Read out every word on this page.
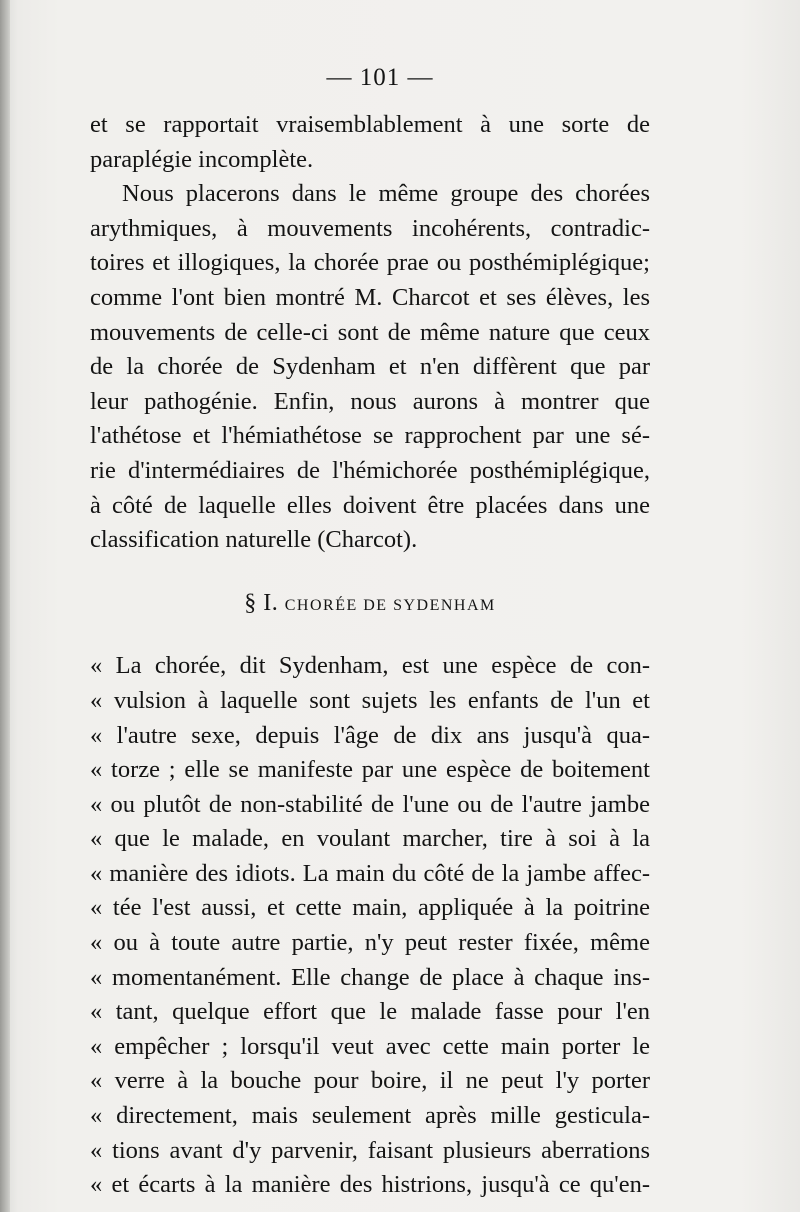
— 101 —
et se rapportait vraisemblablement à une sorte de
paraplégie incomplète.
Nous placerons dans le même groupe des chorées
arythmiques, à mouvements incohérents, contradic-
toires et illogiques, la chorée prae ou posthémiplégique;
comme l'ont bien montré M. Charcot et ses élèves, les
mouvements de celle-ci sont de même nature que ceux
de la chorée de Sydenham et n'en diffèrent que par
leur pathogénie. Enfin, nous aurons à montrer que
l'athétose et l'hémiathétose se rapprochent par une sé-
rie d'intermédiaires de l'hémichorée posthémiplégique,
à côté de laquelle elles doivent être placées dans une
classification naturelle (Charcot).
§ I. CHORÉE DE SYDENHAM
« La chorée, dit Sydenham, est une espèce de con-
« vulsion à laquelle sont sujets les enfants de l'un et
« l'autre sexe, depuis l'âge de dix ans jusqu'à qua-
« torze ; elle se manifeste par une espèce de boitement
« ou plutôt de non-stabilité de l'une ou de l'autre jambe
« que le malade, en voulant marcher, tire à soi à la
« manière des idiots. La main du côté de la jambe affec-
« tée l'est aussi, et cette main, appliquée à la poitrine
« ou à toute autre partie, n'y peut rester fixée, même
« momentanément. Elle change de place à chaque ins-
« tant, quelque effort que le malade fasse pour l'en
« empêcher ; lorsqu'il veut avec cette main porter le
« verre à la bouche pour boire, il ne peut l'y porter
« directement, mais seulement après mille gesticula-
« tions avant d'y parvenir, faisant plusieurs aberrations
« et écarts à la manière des histrions, jusqu'à ce qu'en-
